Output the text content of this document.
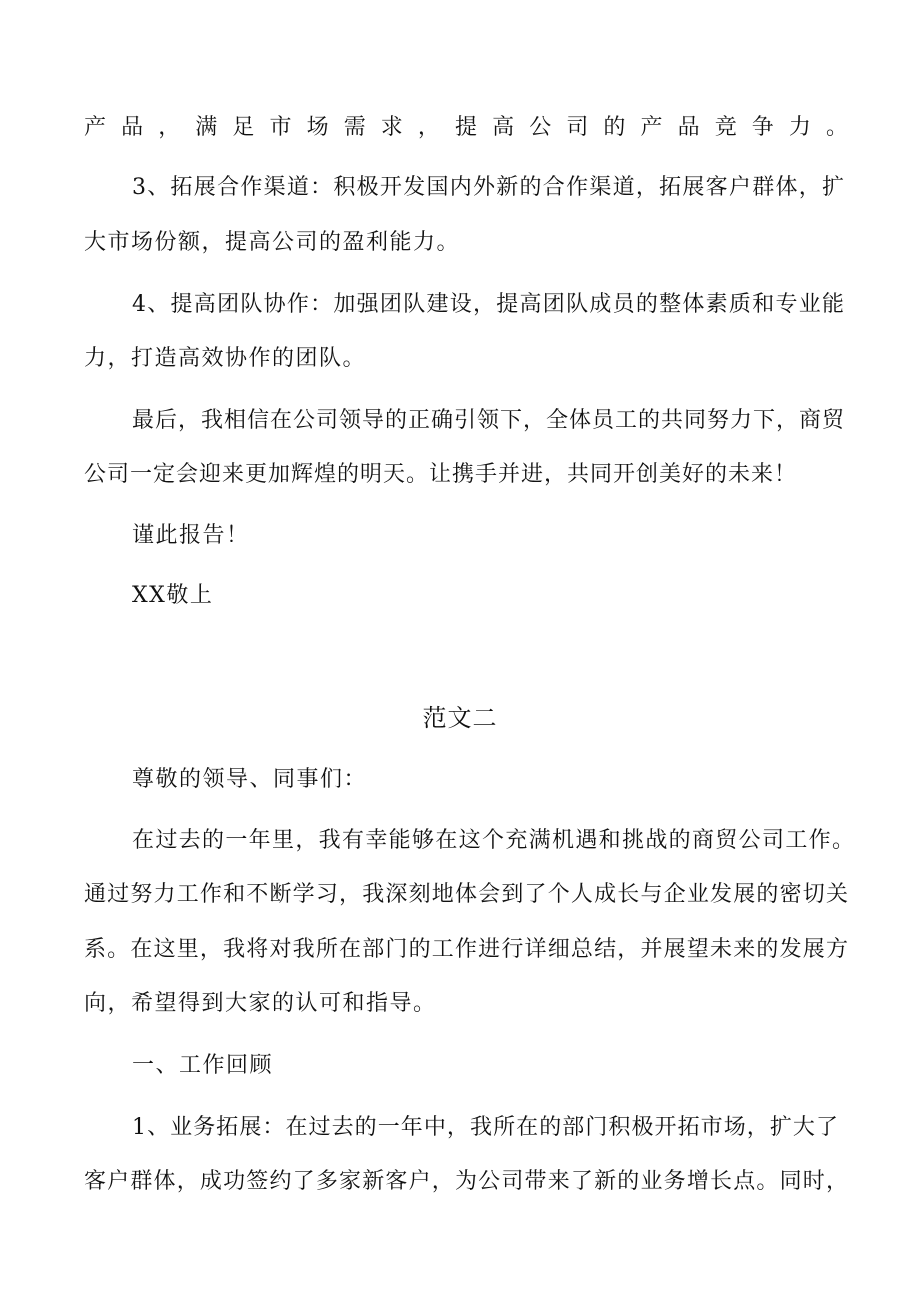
产品，满足市场需求，提高公司的产品竞争力。
3、拓展合作渠道：积极开发国内外新的合作渠道，拓展客户群体，扩
大市场份额，提高公司的盈利能力。
4、提高团队协作：加强团队建设，提高团队成员的整体素质和专业能
力，打造高效协作的团队。
最后，我相信在公司领导的正确引领下，全体员工的共同努力下，商贸
公司一定会迎来更加辉煌的明天。让携手并进，共同开创美好的未来！
谨此报告！
XX敬上
范文二
尊敬的领导、同事们：
在过去的一年里，我有幸能够在这个充满机遇和挑战的商贸公司工作。
通过努力工作和不断学习，我深刻地体会到了个人成长与企业发展的密切关
系。在这里，我将对我所在部门的工作进行详细总结，并展望未来的发展方
向，希望得到大家的认可和指导。
一、工作回顾
1、业务拓展：在过去的一年中，我所在的部门积极开拓市场，扩大了
客户群体，成功签约了多家新客户，为公司带来了新的业务增长点。同时，
